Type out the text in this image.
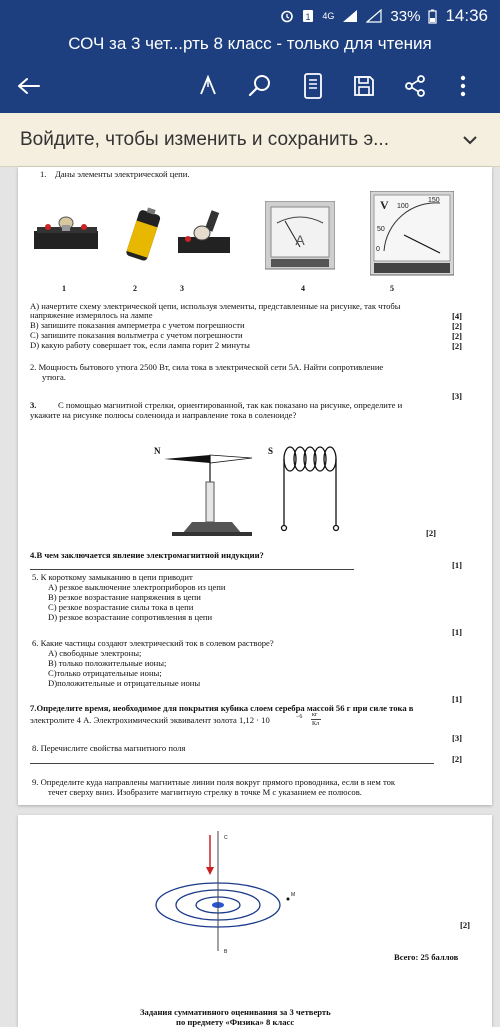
1 4G	33% 14:36
СОЧ за 3 чет...рть 8 класс - только для чтения
Войдите, чтобы изменить и сохранить э...
1. Даны элементы электрической цепи.
A
V 100
150
50
0
1	2	3	4	5
A) начертите схему электрической цепи, используя элементы, представленные на рисунке, так чтобы
напряжение измерялось на лампе	[4]
B) запишите показания амперметра с учетом погрешности	[2]
C) запишите показания вольтметра с учетом погрешности	[2]
D) какую работу совершает ток, если лампа горит 2 минуты	[2]
2. Мощность бытового утюга 2500 Вт, сила тока в электрической сети 5А. Найти сопротивление
утюга.
[3]
3.	С помощью магнитной стрелки, ориентированной, так как показано на рисунке, определите и
укажите на рисунке полюсы соленоида и направление тока в соленоиде?
N	S
[2]
4.В чем заключается явление электромагнитной индукции?
[1]
5. К короткому замыканию в цепи приводит
A) резкое выключение электроприборов из цепи
B) резкое возрастание напряжения в цепи
C) резкое возрастание силы тока в цепи
D) резкое возрастание сопротивления в цепи
[1]
6. Какие частицы создают электрический ток в солевом растворе?
A) свободные электроны;
B) только положительные ионы;
C)только отрицательные ионы;
D)положительные и отрицательные ионы
[1]
7.Определите время, необходимое для покрытия кубика слоем серебра массой 56 г при силе тока в
электролите 4 А. Электрохимический эквивалент золота 1,12 · 10	−6 кг
Кл
[3]
8. Перечислите свойства магнитного поля
[2]
9. Определите куда направлены магнитные линии поля вокруг прямого проводника, если в нем ток
течет сверху вниз. Изобразите магнитную стрелку в точке М с указанием ее полюсов.
C
M
B
[2]
Всего: 25 баллов
Задания суммативного оценивания за 3 четверть
по предмету «Физика» 8 класс
